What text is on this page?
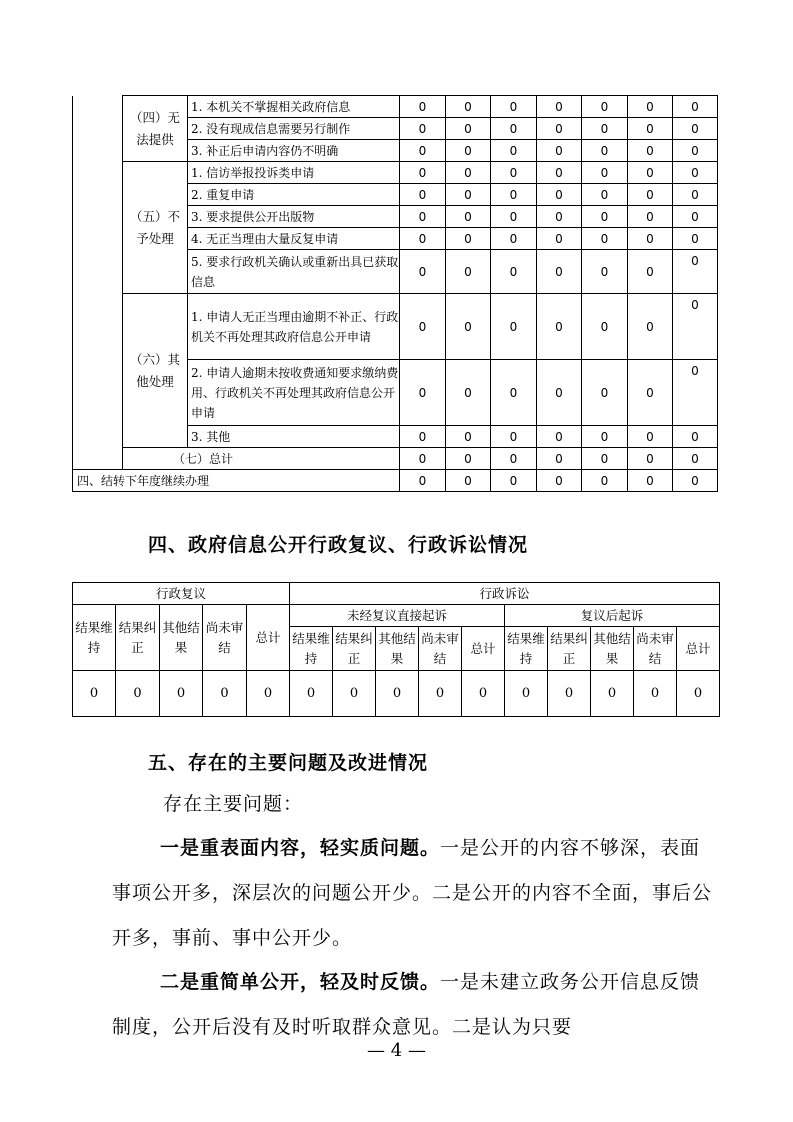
	（四）无法提供	1. 本机关不掌握相关政府信息	0	0	0	0	0	0	0
		2. 没有现成信息需要另行制作	0	0	0	0	0	0	0
		3. 补正后申请内容仍不明确	0	0	0	0	0	0	0
	（五）不予处理	1. 信访举报投诉类申请	0	0	0	0	0	0	0
		2. 重复申请	0	0	0	0	0	0	0
		3. 要求提供公开出版物	0	0	0	0	0	0	0
		4. 无正当理由大量反复申请	0	0	0	0	0	0	0
		5. 要求行政机关确认或重新出具已获取信息	0	0	0	0	0	0	0
	（六）其他处理	1. 申请人无正当理由逾期不补正、行政机关不再处理其政府信息公开申请	0	0	0	0	0	0	0
		2. 申请人逾期未按收费通知要求缴纳费用、行政机关不再处理其政府信息公开申请	0	0	0	0	0	0	0
		3. 其他	0	0	0	0	0	0	0
	（七）总计		0	0	0	0	0	0	0
四、结转下年度继续办理			0	0	0	0	0	0	0
四、政府信息公开行政复议、行政诉讼情况
行政复议					行政诉讼									
结果维持	结果纠正	其他结果	尚未审结	总计	未经复议直接起诉					复议后起诉				
					结果维持	结果纠正	其他结果	尚未审结	总计	结果维持	结果纠正	其他结果	尚未审结	总计
0	0	0	0	0	0	0	0	0	0	0	0	0	0	0
五、存在的主要问题及改进情况
存在主要问题：
一是重表面内容，轻实质问题。一是公开的内容不够深，表面事项公开多，深层次的问题公开少。二是公开的内容不全面，事后公开多，事前、事中公开少。
二是重简单公开，轻及时反馈。一是未建立政务公开信息反馈制度，公开后没有及时听取群众意见。二是认为只要
— 4 —
